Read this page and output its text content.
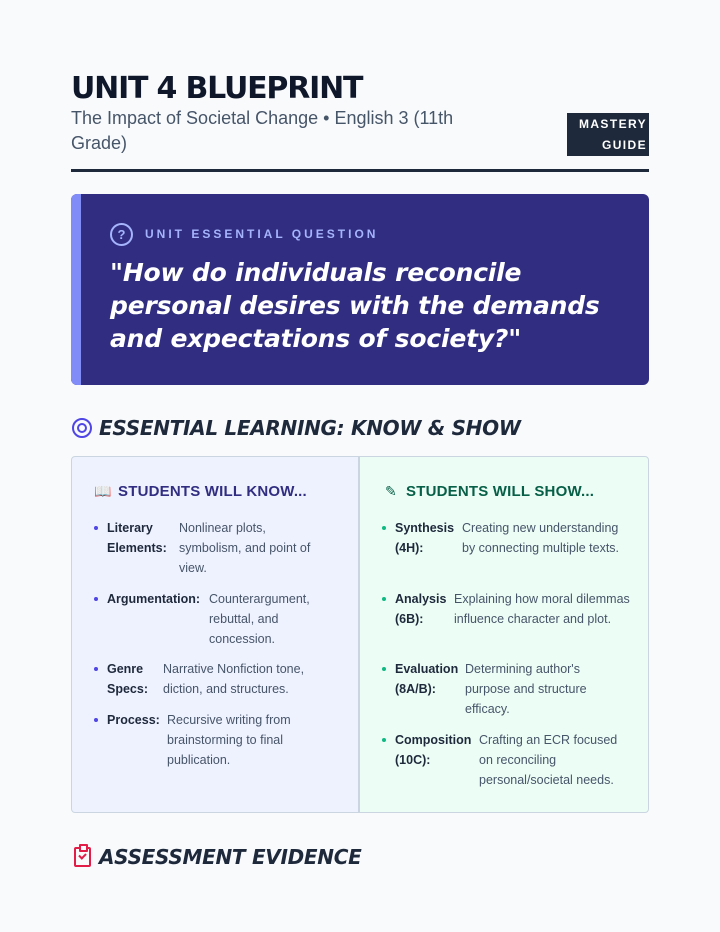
UNIT 4 BLUEPRINT
The Impact of Societal Change • English 3 (11th Grade)
MASTERY
GUIDE
?	UNIT ESSENTIAL QUESTION
"How do individuals reconcile personal desires with the demands and expectations of society?"
ESSENTIAL LEARNING: KNOW & SHOW
📖 STUDENTS WILL KNOW...
Literary
Elements:
Nonlinear plots, symbolism, and point of view.
Argumentation: Counterargument, rebuttal, and concession.
Genre
Specs:
Narrative Nonfiction tone, diction, and structures.
Process: Recursive writing from brainstorming to final publication.
✎ STUDENTS WILL SHOW...
Synthesis
(4H):
Creating new understanding by connecting multiple texts.
Analysis
(6B):
Explaining how moral dilemmas influence character and plot.
Evaluation
(8A/B):
Determining author's purpose and structure efficacy.
Composition
(10C):
Crafting an ECR focused on reconciling personal/societal needs.
ASSESSMENT EVIDENCE
